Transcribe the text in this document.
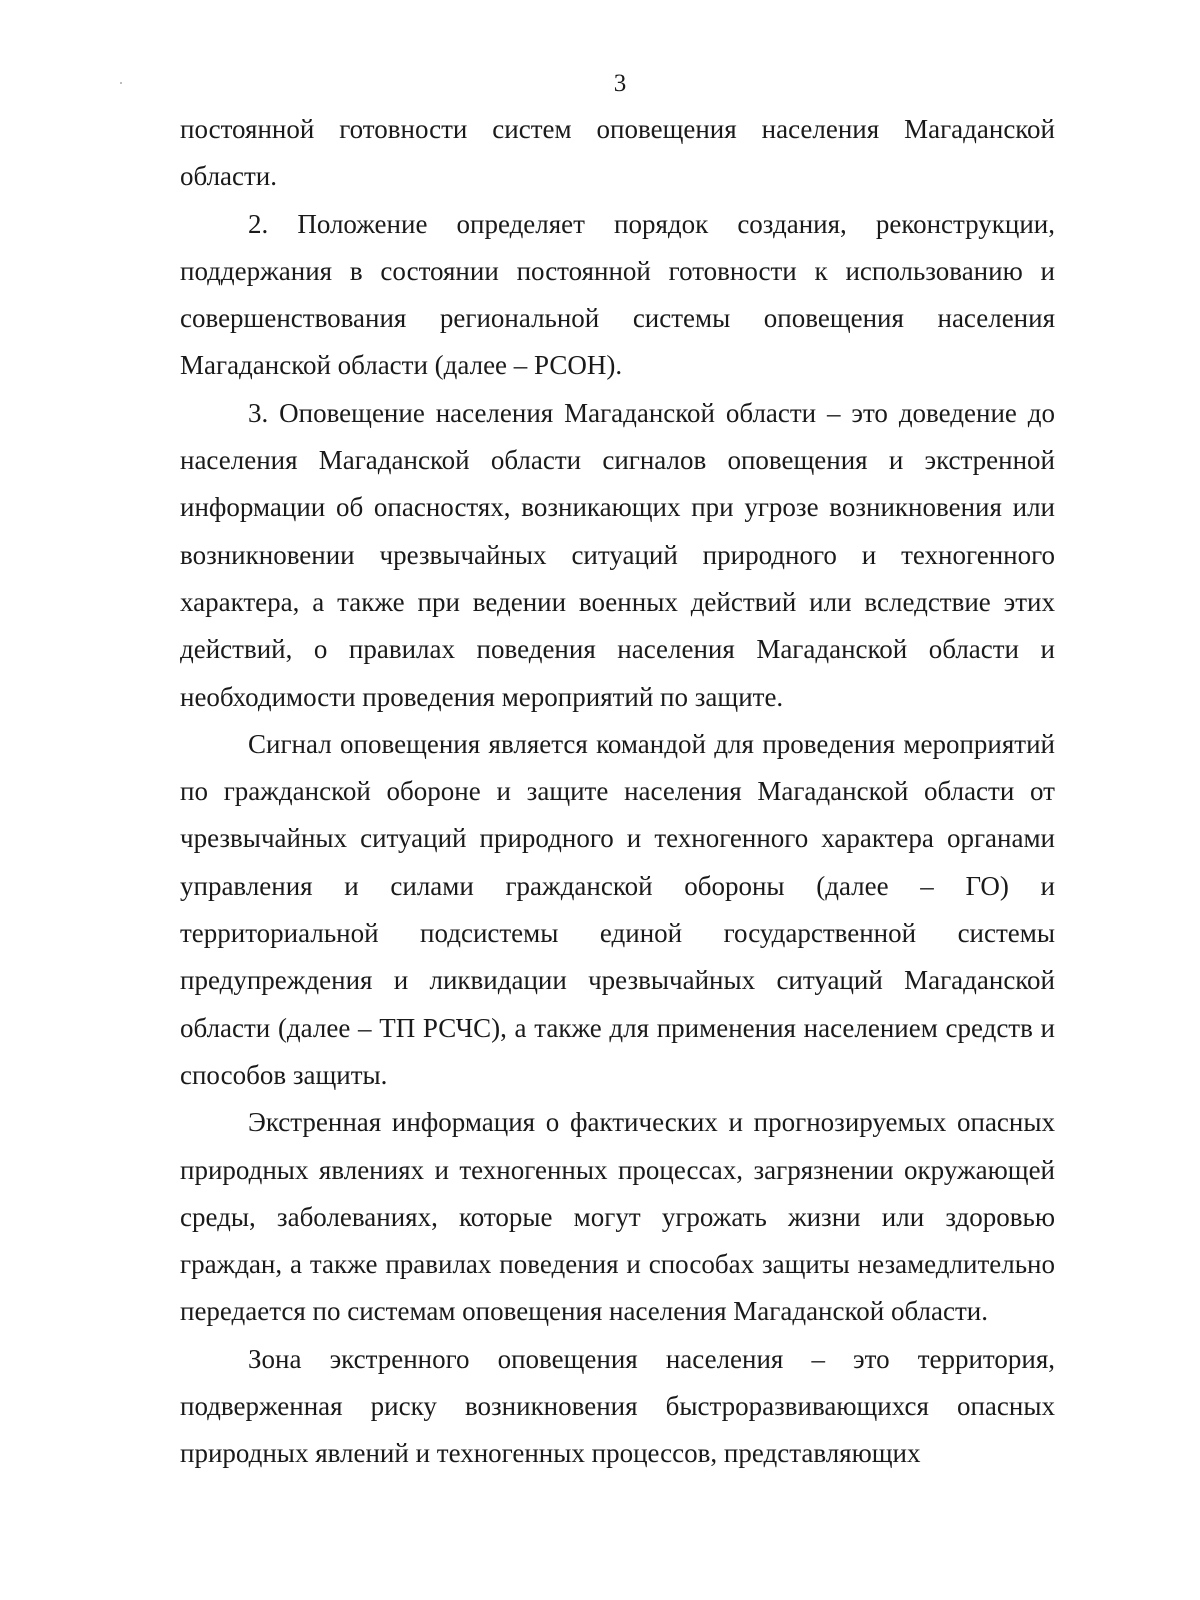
3

постоянной готовности систем оповещения населения Магаданской области.

2. Положение определяет порядок создания, реконструкции, поддержания в состоянии постоянной готовности к использованию и совершенствования региональной системы оповещения населения Магаданской области (далее – РСОН).

3. Оповещение населения Магаданской области – это доведение до населения Магаданской области сигналов оповещения и экстренной информации об опасностях, возникающих при угрозе возникновения или возникновении чрезвычайных ситуаций природного и техногенного характера, а также при ведении военных действий или вследствие этих действий, о правилах поведения населения Магаданской области и необходимости проведения мероприятий по защите.

Сигнал оповещения является командой для проведения мероприятий по гражданской обороне и защите населения Магаданской области от чрезвычайных ситуаций природного и техногенного характера органами управления и силами гражданской обороны (далее – ГО) и территориальной подсистемы единой государственной системы предупреждения и ликвидации чрезвычайных ситуаций Магаданской области (далее – ТП РСЧС), а также для применения населением средств и способов защиты.

Экстренная информация о фактических и прогнозируемых опасных природных явлениях и техногенных процессах, загрязнении окружающей среды, заболеваниях, которые могут угрожать жизни или здоровью граждан, а также правилах поведения и способах защиты незамедлительно передается по системам оповещения населения Магаданской области.

Зона экстренного оповещения населения – это территория, подверженная риску возникновения быстроразвивающихся опасных природных явлений и техногенных процессов, представляющих
